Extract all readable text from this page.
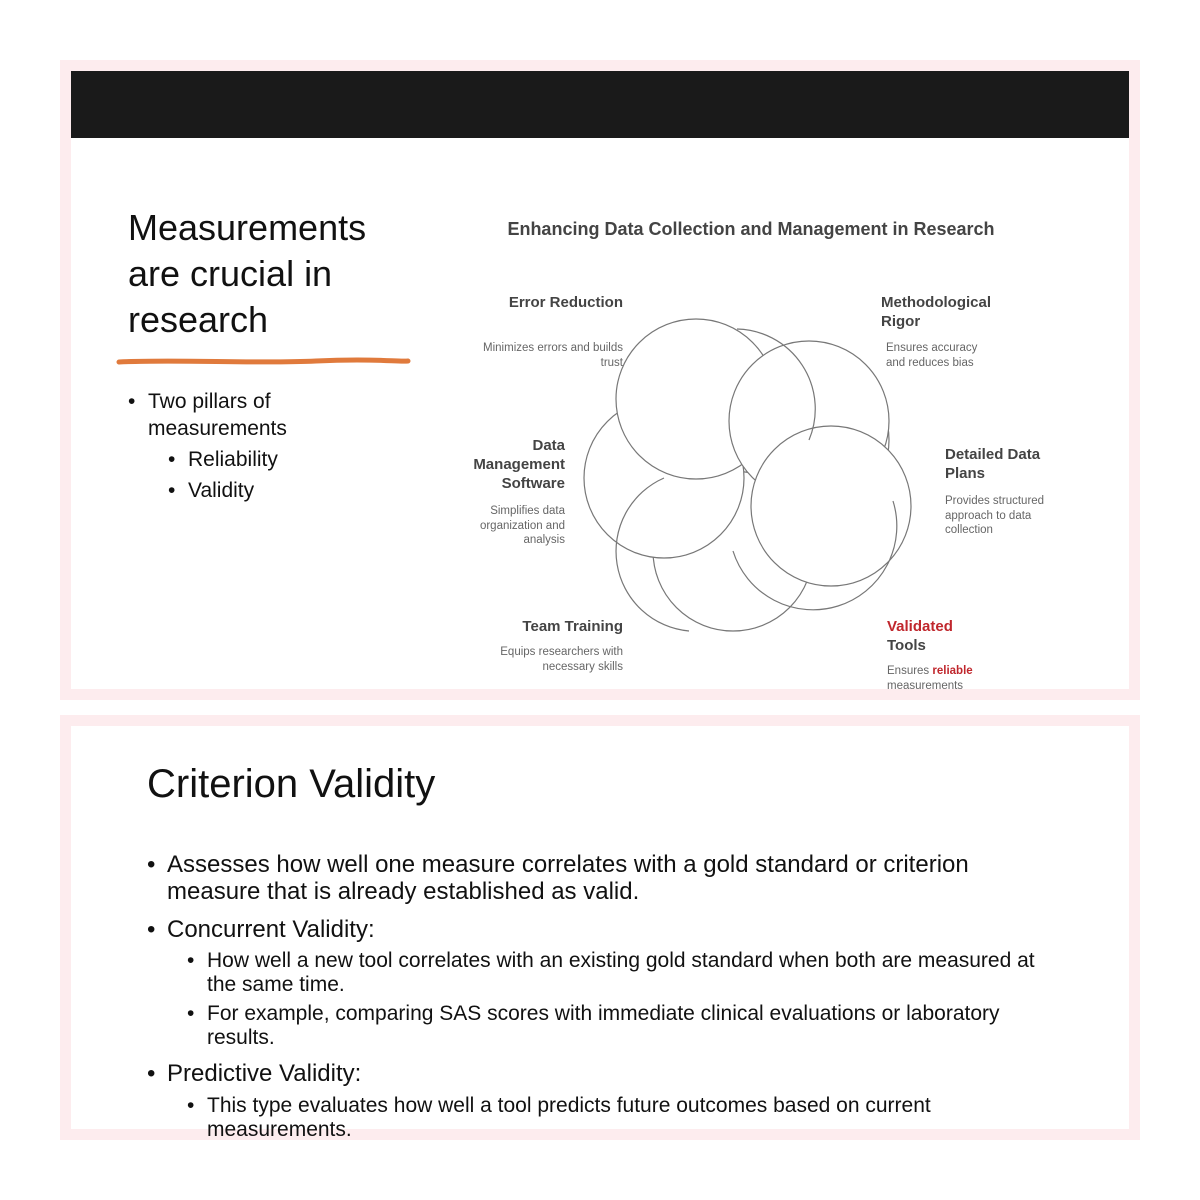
Measurements are crucial in research
• Two pillars of measurements
• Reliability
• Validity
Enhancing Data Collection and Management in Research
Error Reduction
Minimizes errors and builds trust
Methodological Rigor
Ensures accuracy and reduces bias
Data Management Software
Simplifies data organization and analysis
Detailed Data Plans
Provides structured approach to data collection
Team Training
Equips researchers with necessary skills
Validated
Tools
Ensures reliable
measurements
Criterion Validity
• Assesses how well one measure correlates with a gold standard or criterion measure that is already established as valid.
• Concurrent Validity:
• How well a new tool correlates with an existing gold standard when both are measured at the same time.
• For example, comparing SAS scores with immediate clinical evaluations or laboratory results.
• Predictive Validity:
• This type evaluates how well a tool predicts future outcomes based on current measurements.
